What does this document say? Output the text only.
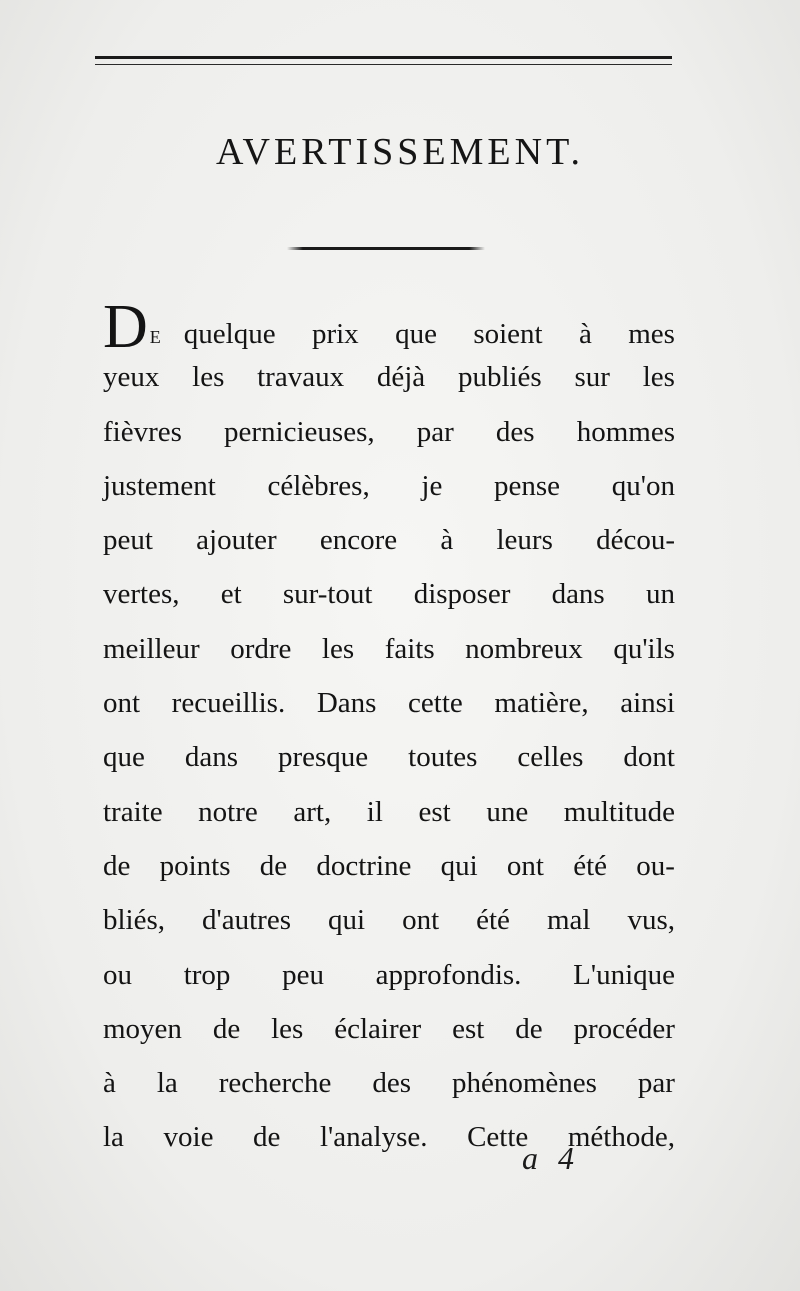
AVERTISSEMENT.
D E quelque prix que soient à mes
yeux les travaux déjà publiés sur les
fièvres pernicieuses, par des hommes
justement célèbres, je pense qu'on
peut ajouter encore à leurs décou-
vertes, et sur-tout disposer dans un
meilleur ordre les faits nombreux qu'ils
ont recueillis. Dans cette matière, ainsi
que dans presque toutes celles dont
traite notre art, il est une multitude
de points de doctrine qui ont été ou-
bliés, d'autres qui ont été mal vus,
ou trop peu approfondis. L'unique
moyen de les éclairer est de procéder
à la recherche des phénomènes par
la voie de l'analyse. Cette méthode,
a 4
